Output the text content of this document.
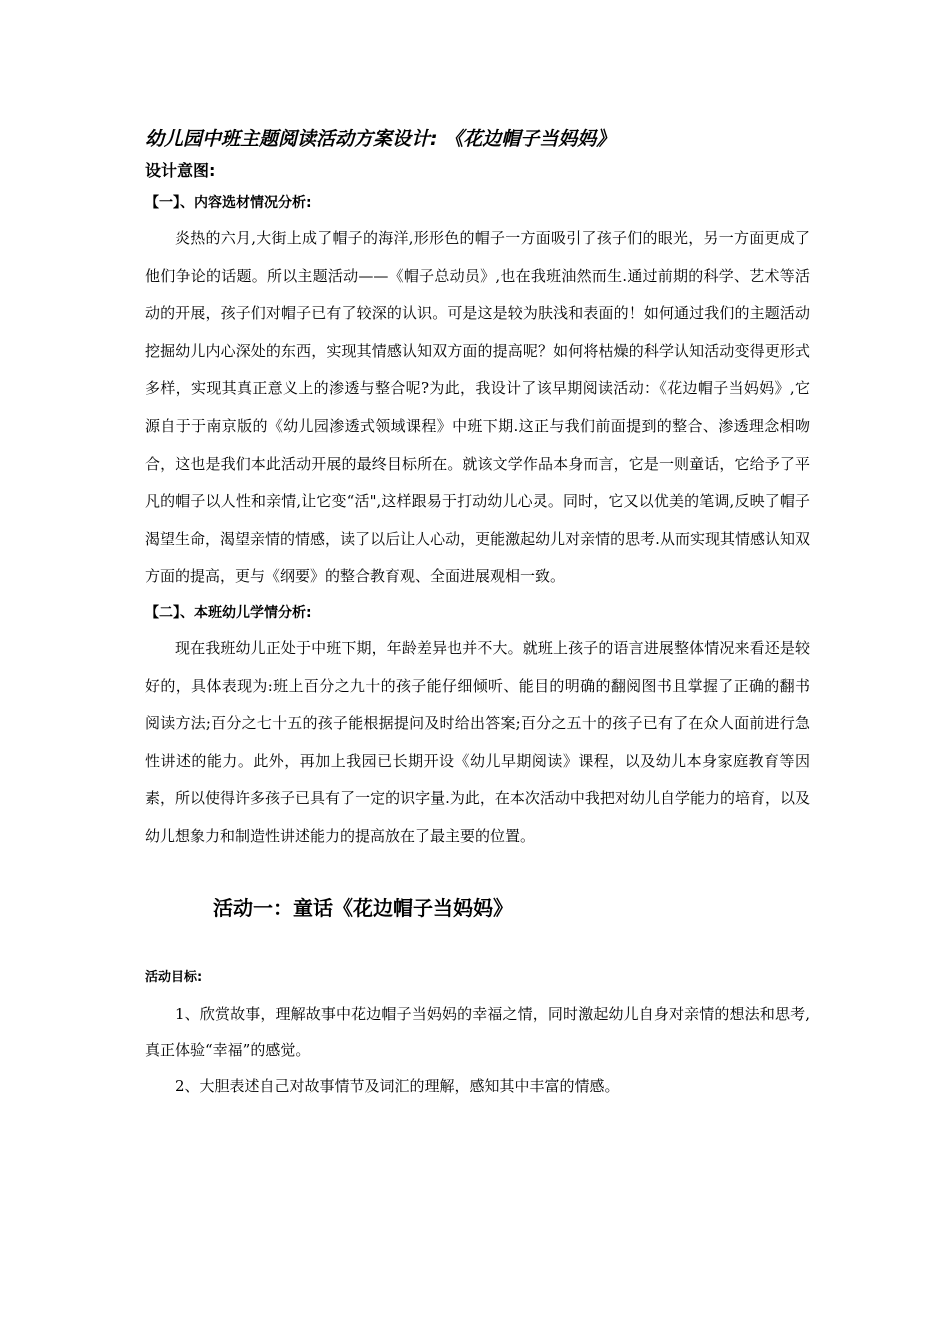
幼儿园中班主题阅读活动方案设计: 《花边帽子当妈妈》
设计意图:
【一】、内容选材情况分析:

炎热的六月,大街上成了帽子的海洋,形形色的帽子一方面吸引了孩子们的眼光，另一方面更成了他们争论的话题。所以主题活动——《帽子总动员》,也在我班油然而生.通过前期的科学、艺术等活动的开展，孩子们对帽子已有了较深的认识。可是这是较为肤浅和表面的！如何通过我们的主题活动挖掘幼儿内心深处的东西，实现其情感认知双方面的提高呢？如何将枯燥的科学认知活动变得更形式多样，实现其真正意义上的渗透与整合呢?为此，我设计了该早期阅读活动：《花边帽子当妈妈》,它源自于于南京版的《幼儿园渗透式领域课程》中班下期.这正与我们前面提到的整合、渗透理念相吻合，这也是我们本此活动开展的最终目标所在。就该文学作品本身而言，它是一则童话，它给予了平凡的帽子以人性和亲情,让它变“活",这样跟易于打动幼儿心灵。同时，它又以优美的笔调,反映了帽子渴望生命，渴望亲情的情感，读了以后让人心动，更能激起幼儿对亲情的思考.从而实现其情感认知双方面的提高，更与《纲要》的整合教育观、全面进展观相一致。

【二】、本班幼儿学情分析:

现在我班幼儿正处于中班下期，年龄差异也并不大。就班上孩子的语言进展整体情况来看还是较好的，具体表现为:班上百分之九十的孩子能仔细倾听、能目的明确的翻阅图书且掌握了正确的翻书阅读方法;百分之七十五的孩子能根据提问及时给出答案;百分之五十的孩子已有了在众人面前进行急性讲述的能力。此外，再加上我园已长期开设《幼儿早期阅读》课程，以及幼儿本身家庭教育等因素，所以使得许多孩子已具有了一定的识字量.为此，在本次活动中我把对幼儿自学能力的培育，以及幼儿想象力和制造性讲述能力的提高放在了最主要的位置。

活动一：童话《花边帽子当妈妈》
活动目标:

1、欣赏故事，理解故事中花边帽子当妈妈的幸福之情，同时激起幼儿自身对亲情的想法和思考,真正体验“幸福”的感觉。

2、大胆表述自己对故事情节及词汇的理解，感知其中丰富的情感。
